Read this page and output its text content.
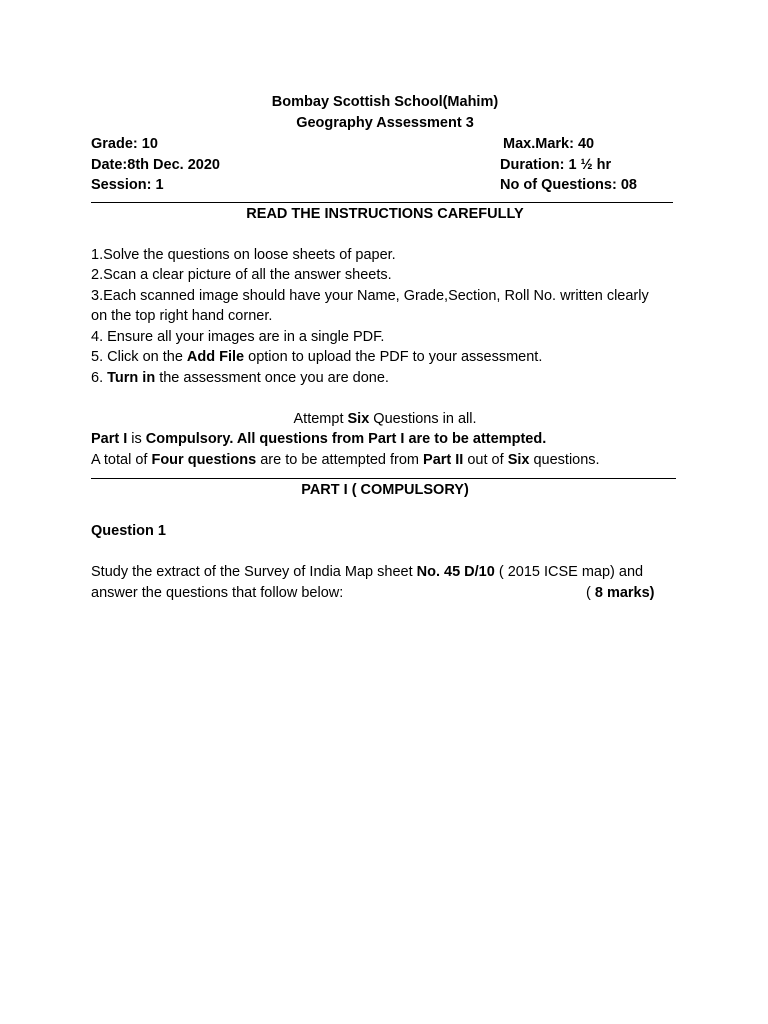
Bombay Scottish School(Mahim)
Geography Assessment 3
Grade: 10	Max.Mark: 40
Date:8th Dec. 2020	Duration: 1 ½ hr
Session: 1	No of Questions: 08
READ THE INSTRUCTIONS CAREFULLY
1.Solve the questions on loose sheets of paper.
2.Scan a clear picture of all the answer sheets.
3.Each scanned image should have your Name, Grade,Section, Roll No. written clearly
on the top right hand corner.
4. Ensure all your images are in a single PDF.
5. Click on the Add File option to upload the PDF to your assessment.
6. Turn in the assessment once you are done.
Attempt Six Questions in all.
Part I is Compulsory. All questions from Part I are to be attempted.
A total of Four questions are to be attempted from Part II out of Six questions.
PART I ( COMPULSORY)
Question 1
Study the extract of the Survey of India Map sheet No. 45 D/10 ( 2015 ICSE map) and
answer the questions that follow below:	( 8 marks)
